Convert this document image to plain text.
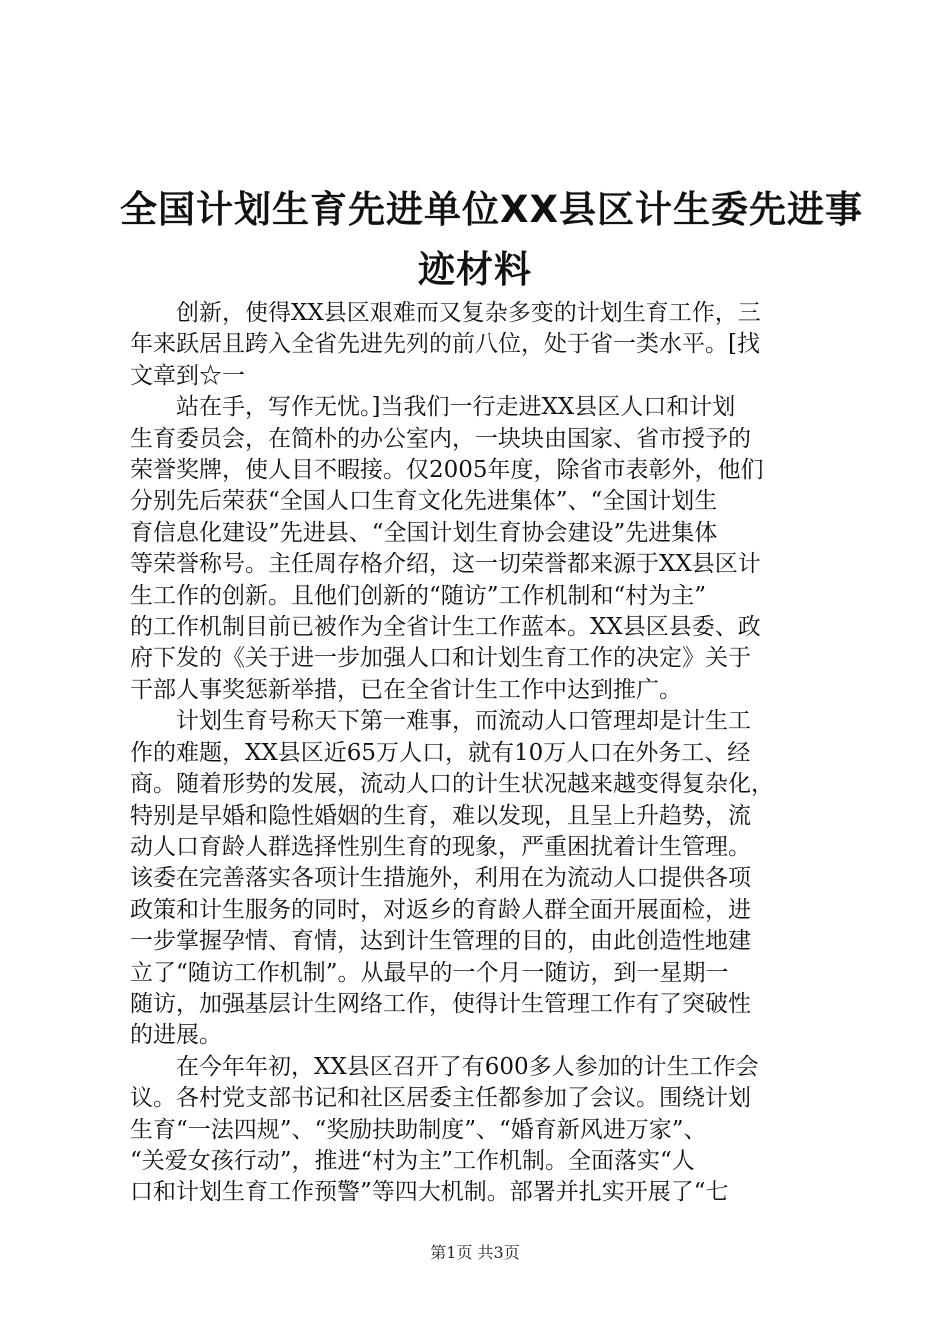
全国计划生育先进单位XX县区计生委先进事
迹材料
创新，使得XX县区艰难而又复杂多变的计划生育工作，三
年来跃居且跨入全省先进先列的前八位，处于省一类水平。[找
文章到☆一
站在手，写作无忧。]当我们一行走进XX县区人口和计划
生育委员会，在简朴的办公室内，一块块由国家、省市授予的
荣誉奖牌，使人目不暇接。仅2005年度，除省市表彰外，他们
分别先后荣获“全国人口生育文化先进集体”、“全国计划生
育信息化建设”先进县、“全国计划生育协会建设”先进集体
等荣誉称号。主任周存格介绍，这一切荣誉都来源于XX县区计
生工作的创新。且他们创新的“随访”工作机制和“村为主”
的工作机制目前已被作为全省计生工作蓝本。XX县区县委、政
府下发的《关于进一步加强人口和计划生育工作的决定》关于
干部人事奖惩新举措，已在全省计生工作中达到推广。
计划生育号称天下第一难事，而流动人口管理却是计生工
作的难题，XX县区近65万人口，就有10万人口在外务工、经
商。随着形势的发展，流动人口的计生状况越来越变得复杂化，
特别是早婚和隐性婚姻的生育，难以发现，且呈上升趋势，流
动人口育龄人群选择性别生育的现象，严重困扰着计生管理。
该委在完善落实各项计生措施外，利用在为流动人口提供各项
政策和计生服务的同时，对返乡的育龄人群全面开展面检，进
一步掌握孕情、育情，达到计生管理的目的，由此创造性地建
立了“随访工作机制”。从最早的一个月一随访，到一星期一
随访，加强基层计生网络工作，使得计生管理工作有了突破性
的进展。
在今年年初，XX县区召开了有600多人参加的计生工作会
议。各村党支部书记和社区居委主任都参加了会议。围绕计划
生育“一法四规”、“奖励扶助制度”、“婚育新风进万家”、
“关爱女孩行动”，推进“村为主”工作机制。全面落实“人
口和计划生育工作预警”等四大机制。部署并扎实开展了“七
第1页 共3页
